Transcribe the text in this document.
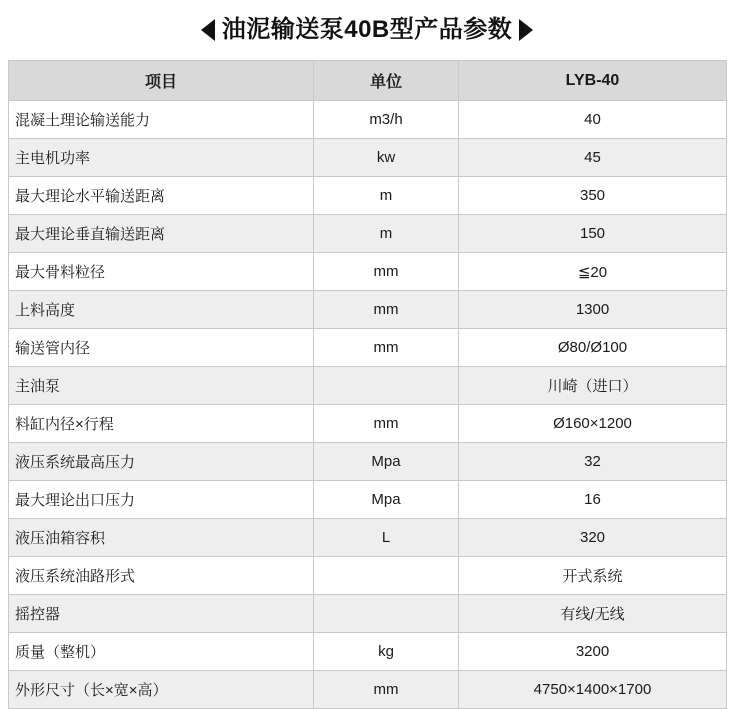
油泥输送泵40B型产品参数
项目	单位	LYB-40
混凝土理论输送能力	m3/h	40
主电机功率	kw	45
最大理论水平输送距离	m	350
最大理论垂直输送距离	m	150
最大骨料粒径	mm	≦20
上料高度	mm	1300
输送管内径	mm	Ø80/Ø100
主油泵		川崎（进口）
料缸内径×行程	mm	Ø160×1200
液压系统最高压力	Mpa	32
最大理论出口压力	Mpa	16
液压油箱容积	L	320
液压系统油路形式		开式系统
摇控器		有线/无线
质量（整机）	kg	3200
外形尺寸（长×宽×高）	mm	4750×1400×1700
